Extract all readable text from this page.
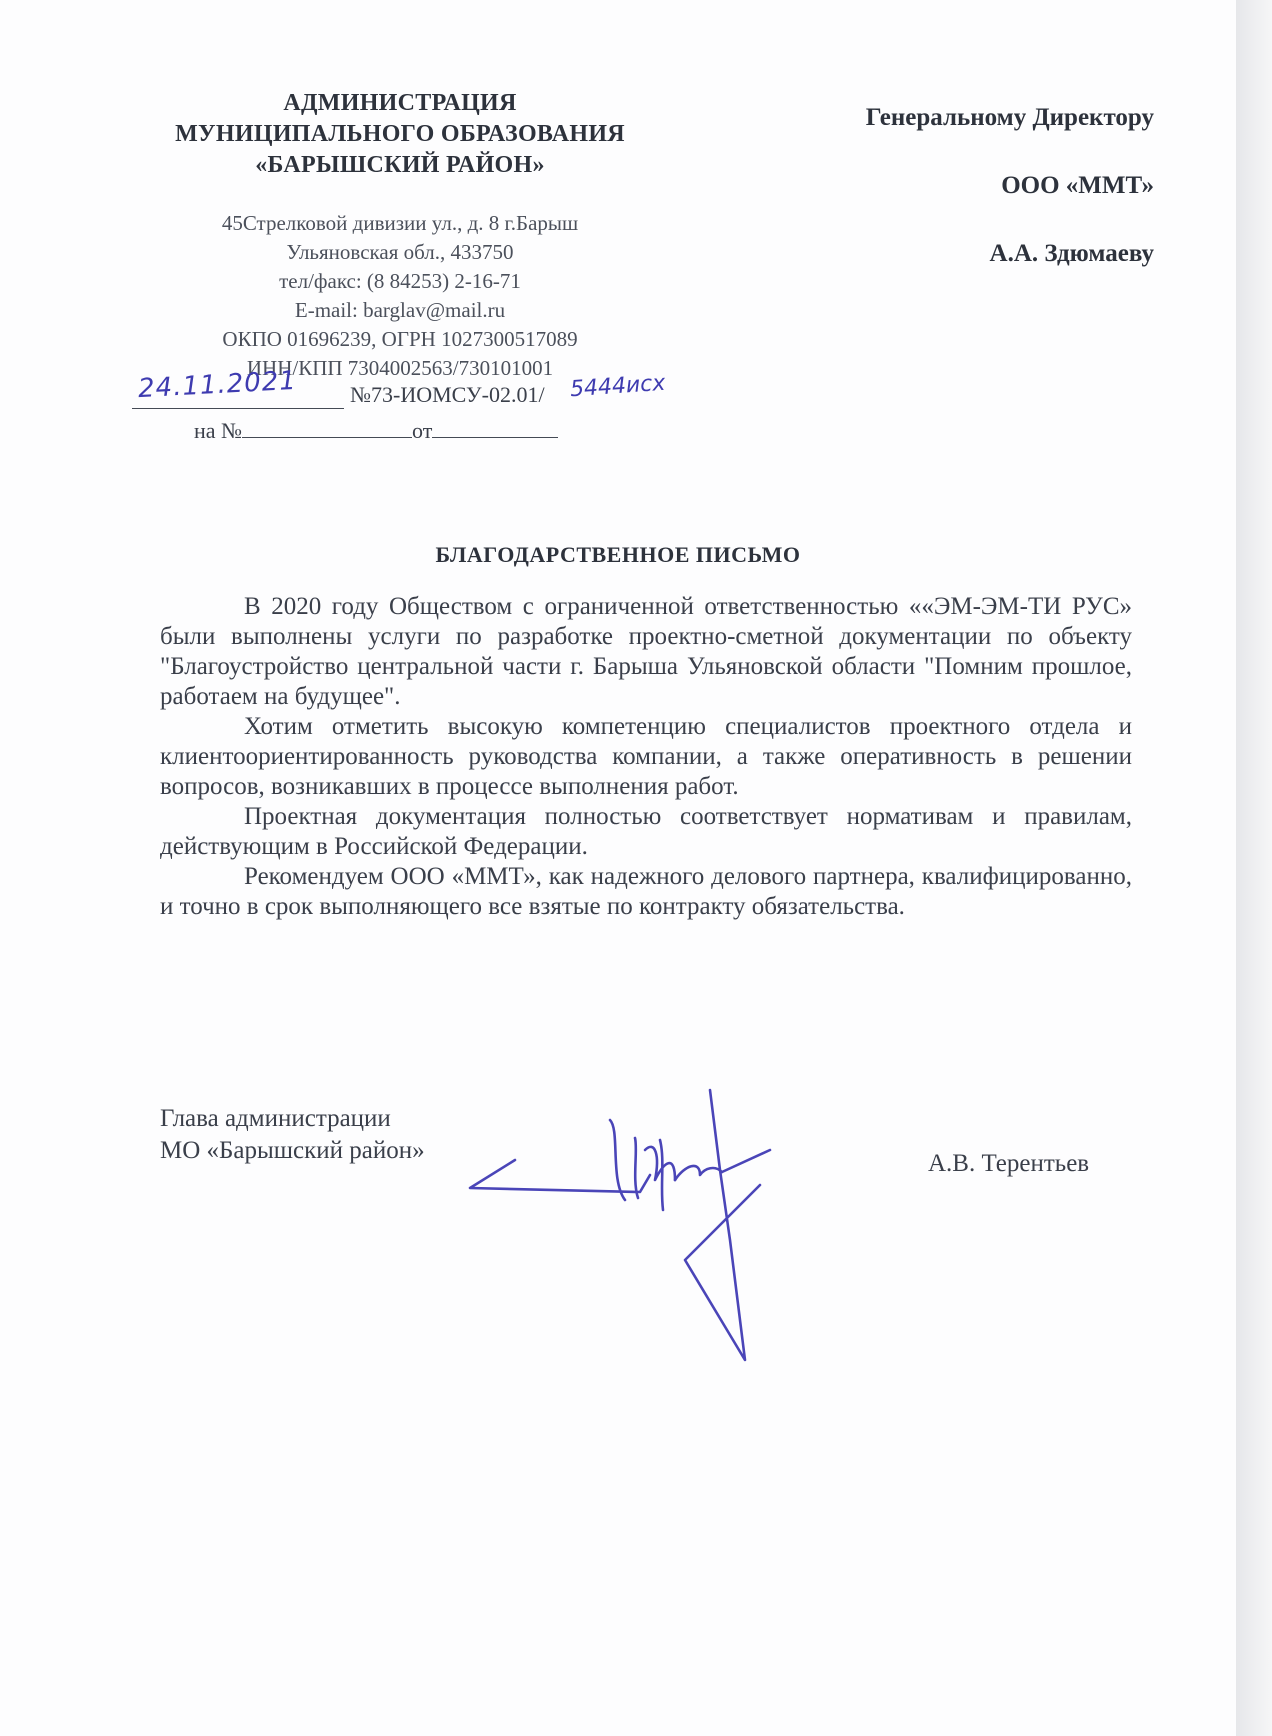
АДМИНИСТРАЦИЯ
МУНИЦИПАЛЬНОГО ОБРАЗОВАНИЯ
«БАРЫШСКИЙ РАЙОН»
45Стрелковой дивизии ул., д. 8 г.Барыш
Ульяновская обл., 433750
тел/факс: (8 84253) 2-16-71
E-mail: barglav@mail.ru
ОКПО 01696239, ОГРН 1027300517089
ИНН/КПП 7304002563/730101001
24.11.2021 №73-ИОМСУ-02.01/ 5444исх
на №	от
Генеральному Директору
ООО «ММТ»
А.А. Здюмаеву
БЛАГОДАРСТВЕННОЕ ПИСЬМО

В 2020 году Обществом с ограниченной ответственностью ««ЭМ-ЭМ-ТИ РУС» были выполнены услуги по разработке проектно-сметной документации по объекту "Благоустройство центральной части г. Барыша Ульяновской области "Помним прошлое, работаем на будущее".

Хотим отметить высокую компетенцию специалистов проектного отдела и клиентоориентированность руководства компании, а также оперативность в решении вопросов, возникавших в процессе выполнения работ.

Проектная документация полностью соответствует нормативам и правилам, действующим в Российской Федерации.

Рекомендуем ООО «ММТ», как надежного делового партнера, квалифицированно, и точно в срок выполняющего все взятые по контракту обязательства.

Глава администрации
МО «Барышский район»	А.В. Терентьев
